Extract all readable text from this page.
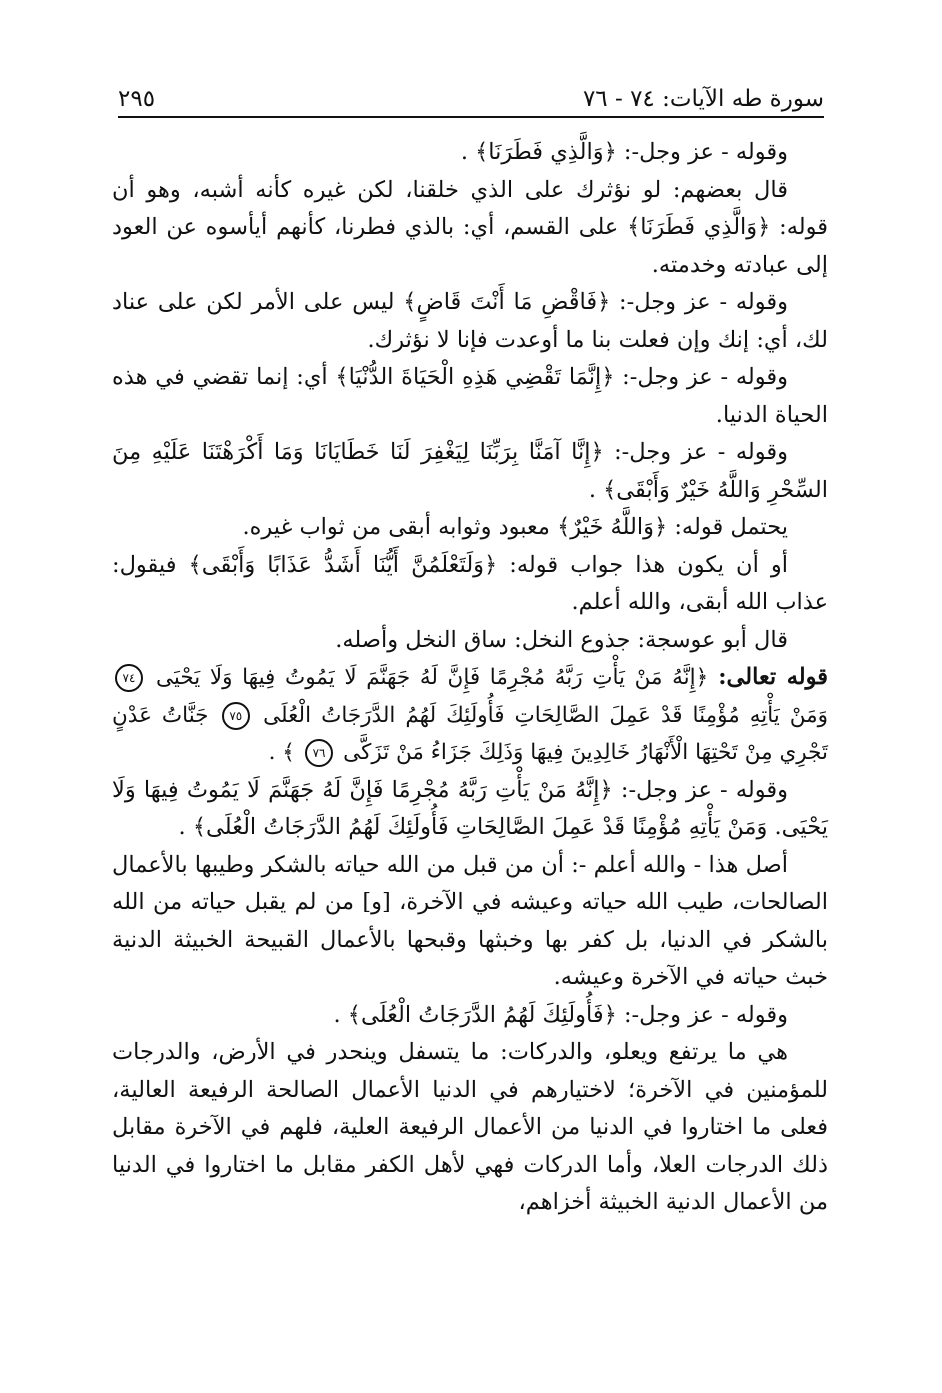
سورة طه الآيات: ٧٤ - ٧٦
٢٩٥

وقوله - عز وجل-: ﴿وَالَّذِي فَطَرَنَا﴾ .

قال بعضهم: لو نؤثرك على الذي خلقنا، لكن غيره كأنه أشبه، وهو أن قوله: ﴿وَالَّذِي فَطَرَنَا﴾ على القسم، أي: بالذي فطرنا، كأنهم أيأسوه عن العود إلى عبادته وخدمته.

وقوله - عز وجل-: ﴿فَاقْضِ مَا أَنْتَ قَاضٍ﴾ ليس على الأمر لكن على عناد لك، أي: إنك وإن فعلت بنا ما أوعدت فإنا لا نؤثرك.

وقوله - عز وجل-: ﴿إِنَّمَا تَقْضِي هَذِهِ الْحَيَاةَ الدُّنْيَا﴾ أي: إنما تقضي في هذه الحياة الدنيا.

وقوله - عز وجل-: ﴿إِنَّا آمَنَّا بِرَبِّنَا لِيَغْفِرَ لَنَا خَطَايَانَا وَمَا أَكْرَهْتَنَا عَلَيْهِ مِنَ السِّحْرِ وَاللَّهُ خَيْرٌ وَأَبْقَى﴾ .

يحتمل قوله: ﴿وَاللَّهُ خَيْرٌ﴾ معبود وثوابه أبقى من ثواب غيره.

أو أن يكون هذا جواب قوله: ﴿وَلَتَعْلَمُنَّ أَيُّنَا أَشَدُّ عَذَابًا وَأَبْقَى﴾ فيقول: عذاب الله أبقى، والله أعلم.

قال أبو عوسجة: جذوع النخل: ساق النخل وأصله.

قوله تعالى: ﴿إِنَّهُ مَنْ يَأْتِ رَبَّهُ مُجْرِمًا فَإِنَّ لَهُ جَهَنَّمَ لَا يَمُوتُ فِيهَا وَلَا يَحْيَى ٧٤ وَمَنْ يَأْتِهِ مُؤْمِنًا قَدْ عَمِلَ الصَّالِحَاتِ فَأُولَئِكَ لَهُمُ الدَّرَجَاتُ الْعُلَى ٧٥ جَنَّاتُ عَدْنٍ تَجْرِي مِنْ تَحْتِهَا الْأَنْهَارُ خَالِدِينَ فِيهَا وَذَلِكَ جَزَاءُ مَنْ تَزَكَّى ٧٦ ﴾ .

وقوله - عز وجل-: ﴿إِنَّهُ مَنْ يَأْتِ رَبَّهُ مُجْرِمًا فَإِنَّ لَهُ جَهَنَّمَ لَا يَمُوتُ فِيهَا وَلَا يَحْيَى. وَمَنْ يَأْتِهِ مُؤْمِنًا قَدْ عَمِلَ الصَّالِحَاتِ فَأُولَئِكَ لَهُمُ الدَّرَجَاتُ الْعُلَى﴾ .

أصل هذا - والله أعلم -: أن من قبل من الله حياته بالشكر وطيبها بالأعمال الصالحات، طيب الله حياته وعيشه في الآخرة، [و] من لم يقبل حياته من الله بالشكر في الدنيا، بل كفر بها وخبثها وقبحها بالأعمال القبيحة الخبيثة الدنية خبث حياته في الآخرة وعيشه.

وقوله - عز وجل-: ﴿فَأُولَئِكَ لَهُمُ الدَّرَجَاتُ الْعُلَى﴾ .

هي ما يرتفع ويعلو، والدركات: ما يتسفل وينحدر في الأرض، والدرجات للمؤمنين في الآخرة؛ لاختيارهم في الدنيا الأعمال الصالحة الرفيعة العالية، فعلى ما اختاروا في الدنيا من الأعمال الرفيعة العلية، فلهم في الآخرة مقابل ذلك الدرجات العلا، وأما الدركات فهي لأهل الكفر مقابل ما اختاروا في الدنيا من الأعمال الدنية الخبيثة أخزاهم،
